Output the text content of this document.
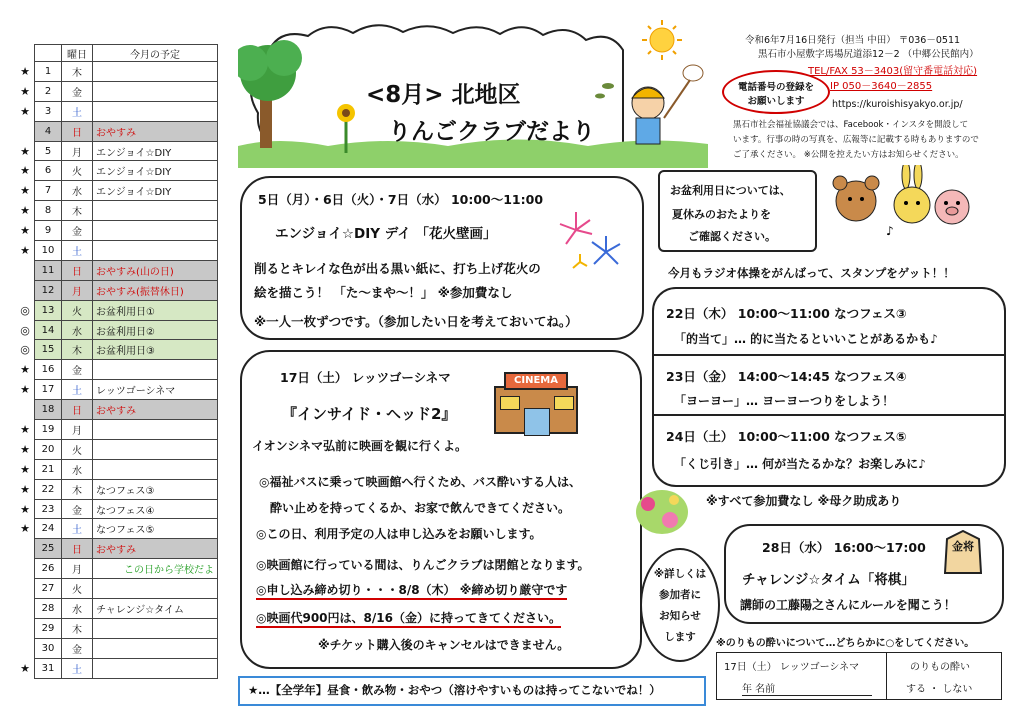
		曜日	今月の予定
★	1	木	
★	2	金	
★	3	土	
	4	日	おやすみ
★	5	月	エンジョイ☆DIY
★	6	火	エンジョイ☆DIY
★	7	水	エンジョイ☆DIY
★	8	木	
★	9	金	
★	10	土	
	11	日	おやすみ(山の日)
	12	月	おやすみ(振替休日)
◎	13	火	お盆利用日①
◎	14	水	お盆利用日②
◎	15	木	お盆利用日③
★	16	金	
★	17	土	レッツゴーシネマ
	18	日	おやすみ
★	19	月	
★	20	火	
★	21	水	
★	22	木	なつフェス③
★	23	金	なつフェス④
★	24	土	なつフェス⑤
	25	日	おやすみ
	26	月	この日から学校だよ
	27	火	
	28	水	チャレンジ☆タイム
	29	木	
	30	金	
★	31	土	
<8月> 北地区
りんごクラブだより
令和6年7月16日発行（担当 中田） 〒036－0511
黒石市小屋敷字馬場尻道添12－2 （中郷公民館内）
TEL/FAX 53－3403(留守番電話対応)
IP 050－3640－2855
電話番号の登録を
お願いします	https://kuroishisyakyo.or.jp/
黒石市社会福祉協議会では、Facebook・インスタを開設して
います。行事の時の写真を、広報等に記載する時もありますので
ご了承ください。 ※公開を控えたい方はお知らせください。
5日（月）・6日（火）・7日（水） 10:00～11:00
エンジョイ☆DIY デイ 「花火壁画」
削るとキレイな色が出る黒い紙に、打ち上げ花火の
絵を描こう！ 「た～まや～！」 ※参加費なし
※一人一枚ずつです。（参加したい日を考えておいてね。）
お盆利用日については、
夏休みのおたよりを
ご確認ください。	♪
今月もラジオ体操をがんばって、スタンプをゲット！！
22日（木） 10:00～11:00 なつフェス③
「的当て」… 的に当たるといいことがあるかも♪
23日（金） 14:00～14:45 なつフェス④
「ヨーヨー」… ヨーヨーつりをしよう！
24日（土） 10:00～11:00 なつフェス⑤
「くじ引き」… 何が当たるかな？お楽しみに♪
※すべて参加費なし ※母ク助成あり
17日（土） レッツゴーシネマ
『インサイド・ヘッド2』
CINEMA
イオンシネマ弘前に映画を観に行くよ。
◎福祉バスに乗って映画館へ行くため、バス酔いする人は、
酔い止めを持ってくるか、お家で飲んできてください。
◎この日、利用予定の人は申し込みをお願いします。
◎映画館に行っている間は、りんごクラブは閉館となります。
◎申し込み締め切り・・・8/8（木） ※締め切り厳守です
◎映画代900円は、8/16（金）に持ってきてください。
※チケット購入後のキャンセルはできません。
※詳しくは
参加者に
お知らせ
します
28日（水） 16:00～17:00
チャレンジ☆タイム「将棋」
講師の工藤陽之さんにルールを聞こう！
金将
※のりもの酔いについて…どちらかに○をしてください。
17日（土） レッツゴーシネマ
年 名前
のりもの酔い
する ・ しない
★…【全学年】昼食・飲み物・おやつ（溶けやすいものは持ってこないでね！）
